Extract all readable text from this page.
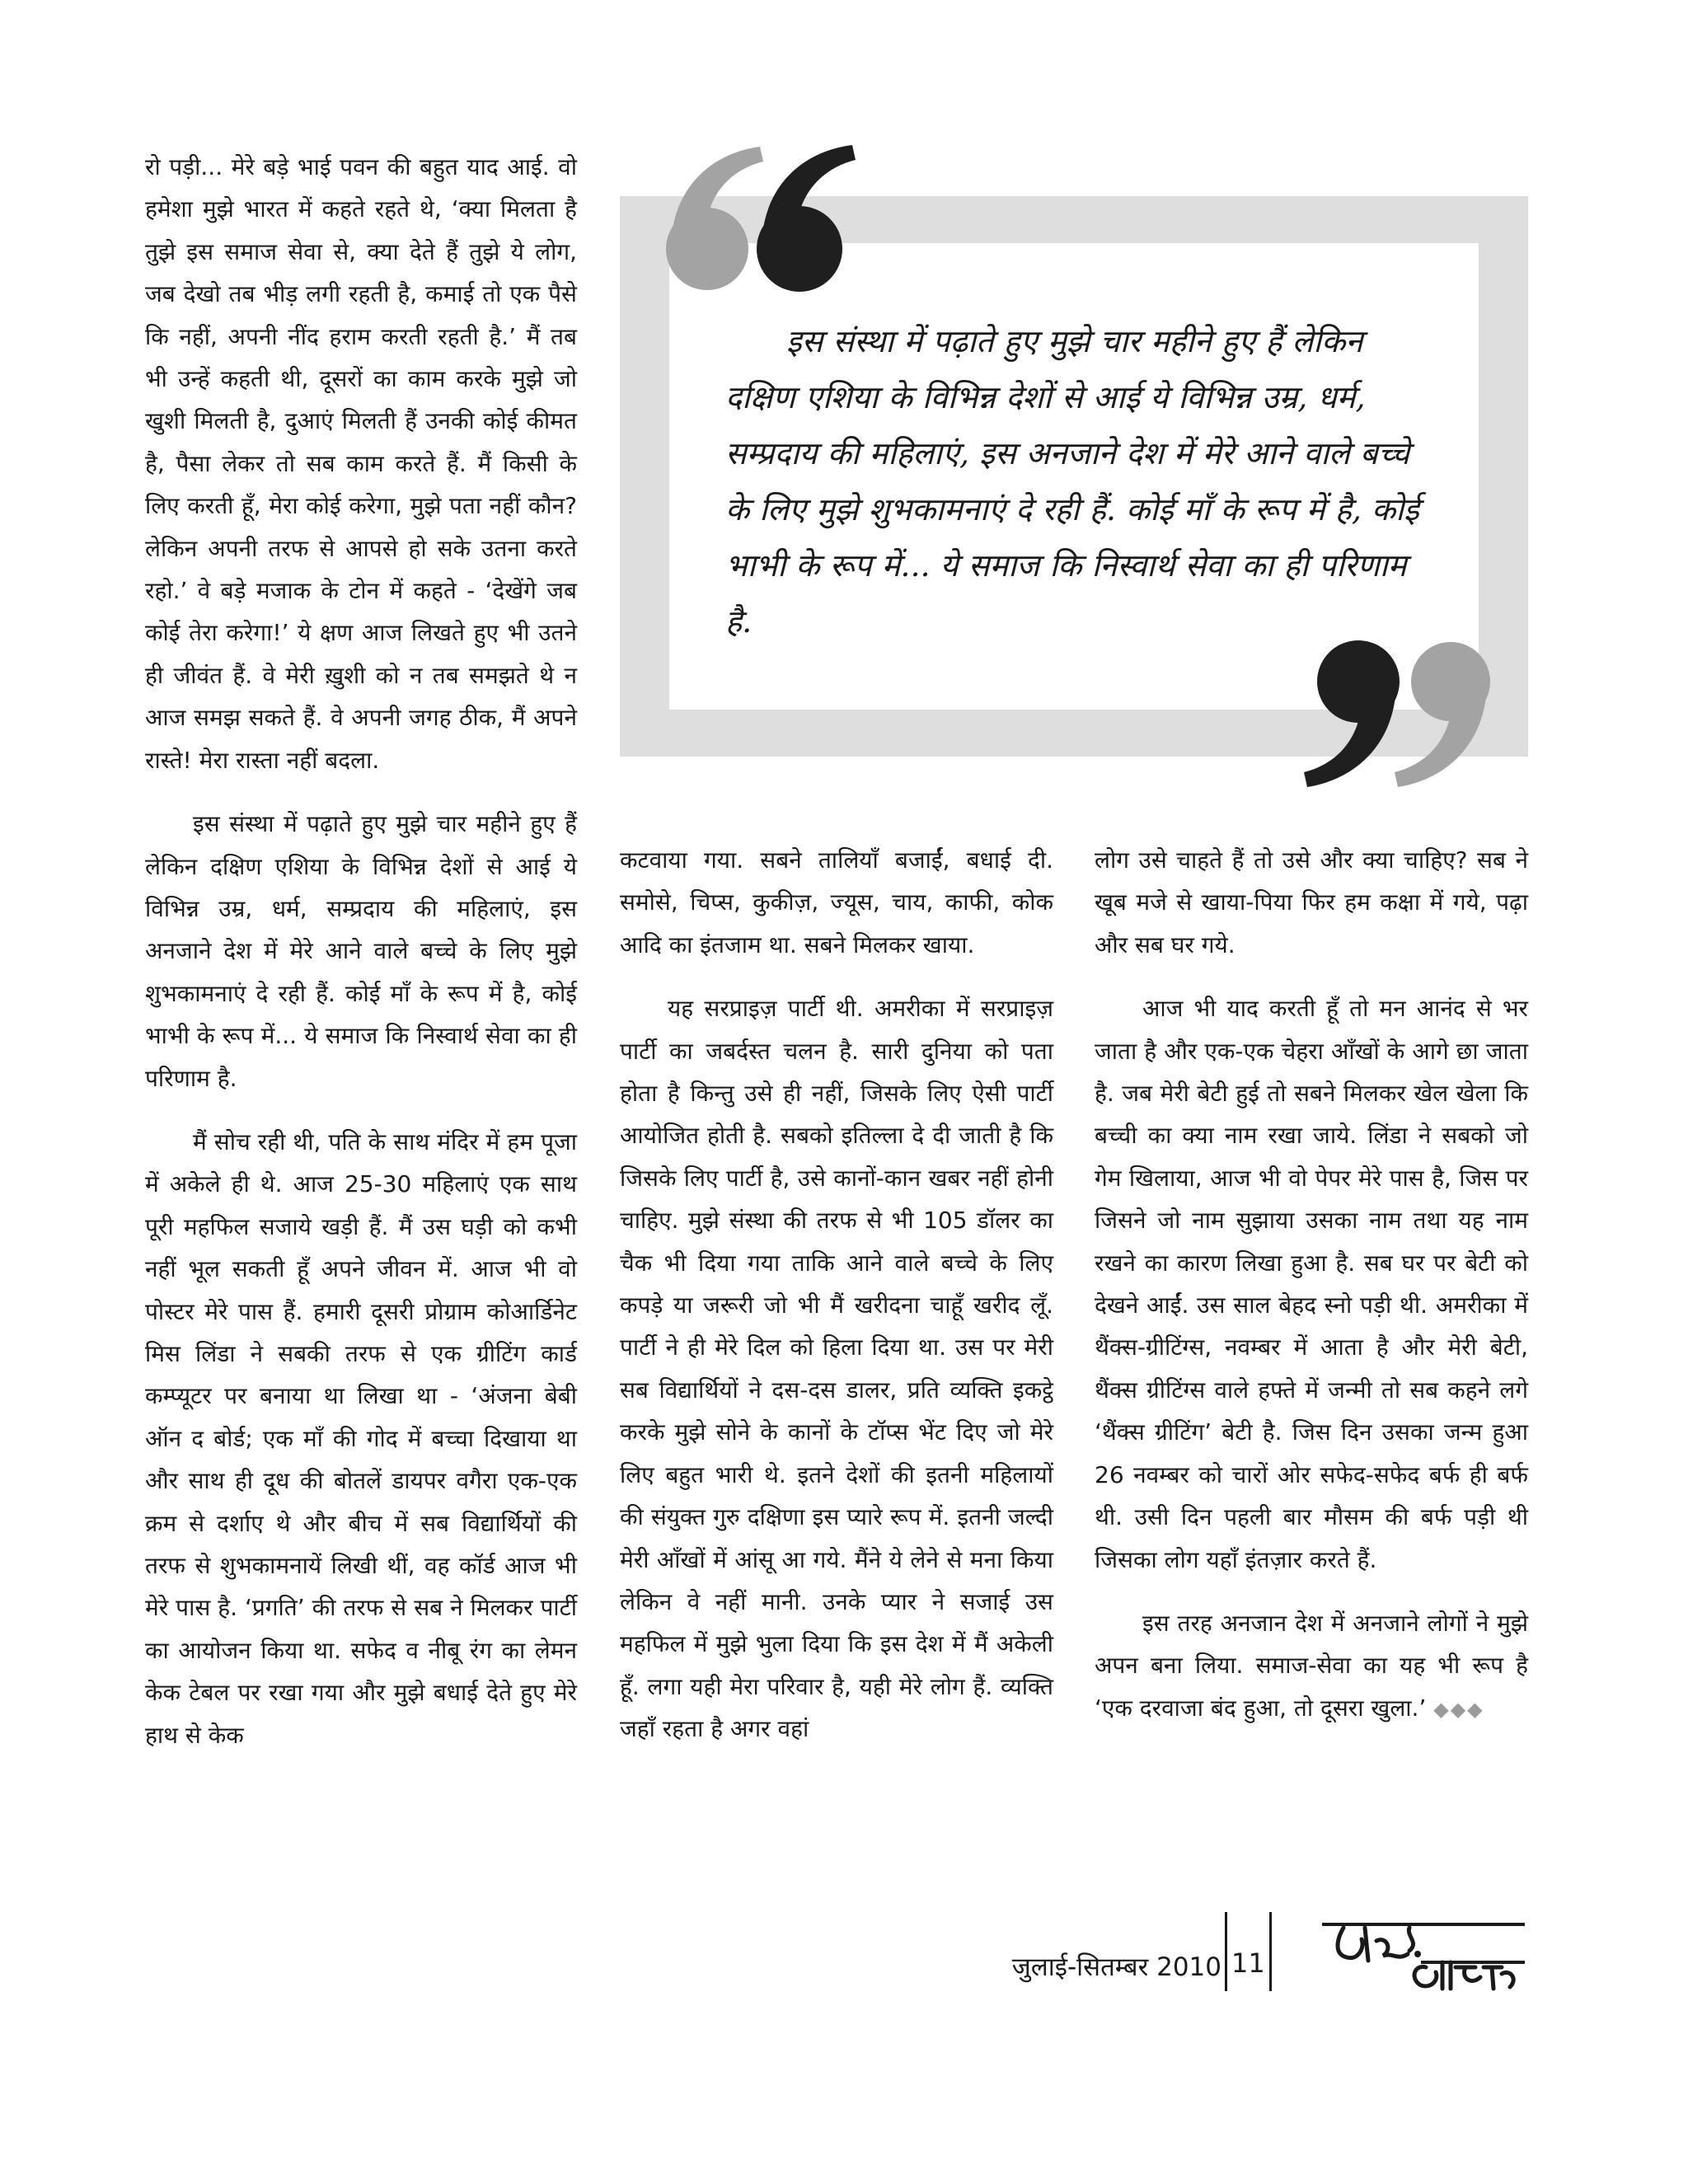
रो पड़ी... मेरे बड़े भाई पवन की बहुत याद आई. वो हमेशा मुझे भारत में कहते रहते थे, ‘क्या मिलता है तुझे इस समाज सेवा से, क्या देते हैं तुझे ये लोग, जब देखो तब भीड़ लगी रहती है, कमाई तो एक पैसे कि नहीं, अपनी नींद हराम करती रहती है.’ मैं तब भी उन्हें कहती थी, दूसरों का काम करके मुझे जो खुशी मिलती है, दुआएं मिलती हैं उनकी कोई कीमत है, पैसा लेकर तो सब काम करते हैं. मैं किसी के लिए करती हूँ, मेरा कोई करेगा, मुझे पता नहीं कौन? लेकिन अपनी तरफ से आपसे हो सके उतना करते रहो.’ वे बड़े मजाक के टोन में कहते - ‘देखेंगे जब कोई तेरा करेगा!’ ये क्षण आज लिखते हुए भी उतने ही जीवंत हैं. वे मेरी ख़ुशी को न तब समझते थे न आज समझ सकते हैं. वे अपनी जगह ठीक, मैं अपने रास्ते! मेरा रास्ता नहीं बदला.

इस संस्था में पढ़ाते हुए मुझे चार महीने हुए हैं लेकिन दक्षिण एशिया के विभिन्न देशों से आई ये विभिन्न उम्र, धर्म, सम्प्रदाय की महिलाएं, इस अनजाने देश में मेरे आने वाले बच्चे के लिए मुझे शुभकामनाएं दे रही हैं. कोई माँ के रूप में है, कोई भाभी के रूप में... ये समाज कि निस्वार्थ सेवा का ही परिणाम है.

मैं सोच रही थी, पति के साथ मंदिर में हम पूजा में अकेले ही थे. आज 25-30 महिलाएं एक साथ पूरी महफिल सजाये खड़ी हैं. मैं उस घड़ी को कभी नहीं भूल सकती हूँ अपने जीवन में. आज भी वो पोस्टर मेरे पास हैं. हमारी दूसरी प्रोग्राम कोआर्डिनेट मिस लिंडा ने सबकी तरफ से एक ग्रीटिंग कार्ड कम्प्यूटर पर बनाया था लिखा था - ‘अंजना बेबी ऑन द बोर्ड; एक माँ की गोद में बच्चा दिखाया था और साथ ही दूध की बोतलें डायपर वगैरा एक-एक क्रम से दर्शाए थे और बीच में सब विद्यार्थियों की तरफ से शुभकामनायें लिखी थीं, वह कॉर्ड आज भी मेरे पास है. ‘प्रगति’ की तरफ से सब ने मिलकर पार्टी का आयोजन किया था. सफेद व नीबू रंग का लेमन केक टेबल पर रखा गया और मुझे बधाई देते हुए मेरे हाथ से केक

इस संस्था में पढ़ाते हुए मुझे चार महीने हुए हैं लेकिन दक्षिण एशिया के विभिन्न देशों से आई ये विभिन्न उम्र, धर्म, सम्प्रदाय की महिलाएं, इस अनजाने देश में मेरे आने वाले बच्चे के लिए मुझे शुभकामनाएं दे रही हैं. कोई माँ के रूप में है, कोई भाभी के रूप में... ये समाज कि निस्वार्थ सेवा का ही परिणाम है.

कटवाया गया. सबने तालियाँ बजाईं, बधाई दी. समोसे, चिप्स, कुकीज़, ज्यूस, चाय, काफी, कोक आदि का इंतजाम था. सबने मिलकर खाया.

यह सरप्राइज़ पार्टी थी. अमरीका में सरप्राइज़ पार्टी का जबर्दस्त चलन है. सारी दुनिया को पता होता है किन्तु उसे ही नहीं, जिसके लिए ऐसी पार्टी आयोजित होती है. सबको इतिल्ला दे दी जाती है कि जिसके लिए पार्टी है, उसे कानों-कान खबर नहीं होनी चाहिए. मुझे संस्था की तरफ से भी 105 डॉलर का चैक भी दिया गया ताकि आने वाले बच्चे के लिए कपड़े या जरूरी जो भी मैं खरीदना चाहूँ खरीद लूँ. पार्टी ने ही मेरे दिल को हिला दिया था. उस पर मेरी सब विद्यार्थियों ने दस-दस डालर, प्रति व्यक्ति इकट्ठे करके मुझे सोने के कानों के टॉप्स भेंट दिए जो मेरे लिए बहुत भारी थे. इतने देशों की इतनी महिलायों की संयुक्त गुरु दक्षिणा इस प्यारे रूप में. इतनी जल्दी मेरी आँखों में आंसू आ गये. मैंने ये लेने से मना किया लेकिन वे नहीं मानी. उनके प्यार ने सजाई उस महफिल में मुझे भुला दिया कि इस देश में मैं अकेली हूँ. लगा यही मेरा परिवार है, यही मेरे लोग हैं. व्यक्ति जहाँ रहता है अगर वहां

लोग उसे चाहते हैं तो उसे और क्या चाहिए? सब ने खूब मजे से खाया-पिया फिर हम कक्षा में गये, पढ़ा और सब घर गये.

आज भी याद करती हूँ तो मन आनंद से भर जाता है और एक-एक चेहरा आँखों के आगे छा जाता है. जब मेरी बेटी हुई तो सबने मिलकर खेल खेला कि बच्ची का क्या नाम रखा जाये. लिंडा ने सबको जो गेम खिलाया, आज भी वो पेपर मेरे पास है, जिस पर जिसने जो नाम सुझाया उसका नाम तथा यह नाम रखने का कारण लिखा हुआ है. सब घर पर बेटी को देखने आईं. उस साल बेहद स्नो पड़ी थी. अमरीका में थैंक्स-ग्रीटिंग्स, नवम्बर में आता है और मेरी बेटी, थैंक्स ग्रीटिंग्स वाले हफ्ते में जन्मी तो सब कहने लगे ‘थैंक्स ग्रीटिंग’ बेटी है. जिस दिन उसका जन्म हुआ 26 नवम्बर को चारों ओर सफेद-सफेद बर्फ ही बर्फ थी. उसी दिन पहली बार मौसम की बर्फ पड़ी थी जिसका लोग यहाँ इंतज़ार करते हैं.

इस तरह अनजान देश में अनजाने लोगों ने मुझे अपन बना लिया. समाज-सेवा का यह भी रूप है ‘एक दरवाजा बंद हुआ, तो दूसरा खुला.’ ◆◆◆

जुलाई-सितम्बर 2010 11
